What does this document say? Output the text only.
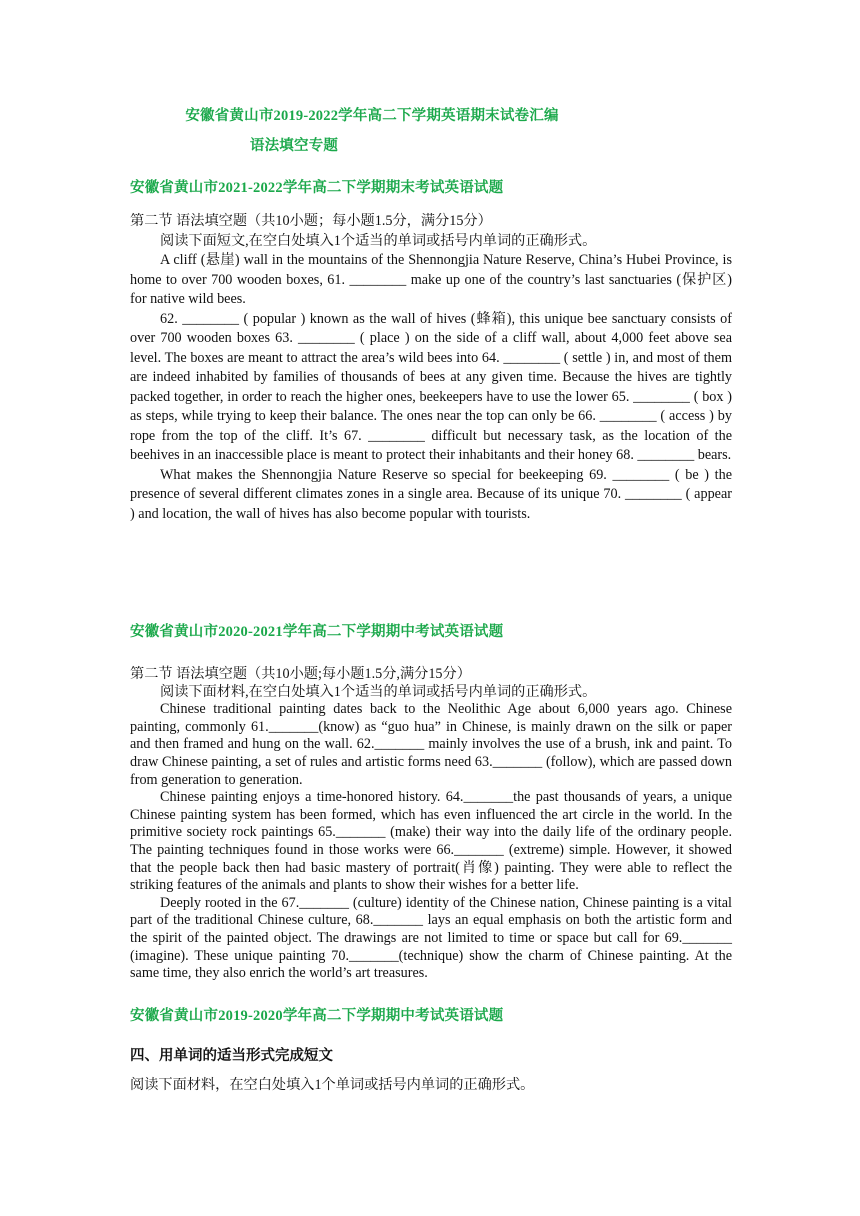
安徽省黄山市2019-2022学年高二下学期英语期末试卷汇编
语法填空专题
安徽省黄山市2021-2022学年高二下学期期末考试英语试题
第二节 语法填空题（共10小题；每小题1.5分，满分15分）
阅读下面短文,在空白处填入1个适当的单词或括号内单词的正确形式。

A cliff (悬崖) wall in the mountains of the Shennongjia Nature Reserve, China’s Hubei Province, is home to over 700 wooden boxes, 61. ________ make up one of the country’s last sanctuaries (保护区) for native wild bees.

62. ________ ( popular ) known as the wall of hives (蜂箱), this unique bee sanctuary consists of over 700 wooden boxes 63. ________ ( place ) on the side of a cliff wall, about 4,000 feet above sea level. The boxes are meant to attract the area’s wild bees into 64. ________ ( settle ) in, and most of them are indeed inhabited by families of thousands of bees at any given time. Because the hives are tightly packed together, in order to reach the higher ones, beekeepers have to use the lower 65. ________ ( box ) as steps, while trying to keep their balance. The ones near the top can only be 66. ________ ( access ) by rope from the top of the cliff. It’s 67. ________ difficult but necessary task, as the location of the beehives in an inaccessible place is meant to protect their inhabitants and their honey 68. ________ bears.

What makes the Shennongjia Nature Reserve so special for beekeeping 69. ________ ( be ) the presence of several different climates zones in a single area. Because of its unique 70. ________ ( appear ) and location, the wall of hives has also become popular with tourists.

安徽省黄山市2020-2021学年高二下学期期中考试英语试题
第二节 语法填空题（共10小题;每小题1.5分,满分15分）
阅读下面材料,在空白处填入1个适当的单词或括号内单词的正确形式。

Chinese traditional painting dates back to the Neolithic Age about 6,000 years ago. Chinese painting, commonly 61._______(know) as “guo hua” in Chinese, is mainly drawn on the silk or paper and then framed and hung on the wall. 62._______ mainly involves the use of a brush, ink and paint. To draw Chinese painting, a set of rules and artistic forms need 63._______ (follow), which are passed down from generation to generation.

Chinese painting enjoys a time-honored history. 64._______the past thousands of years, a unique Chinese painting system has been formed, which has even influenced the art circle in the world. In the primitive society rock paintings 65._______ (make) their way into the daily life of the ordinary people. The painting techniques found in those works were 66._______ (extreme) simple. However, it showed that the people back then had basic mastery of portrait(肖像) painting. They were able to reflect the striking features of the animals and plants to show their wishes for a better life.

Deeply rooted in the 67._______ (culture) identity of the Chinese nation, Chinese painting is a vital part of the traditional Chinese culture, 68._______ lays an equal emphasis on both the artistic form and the spirit of the painted object. The drawings are not limited to time or space but call for 69._______ (imagine). These unique painting 70._______(technique) show the charm of Chinese painting. At the same time, they also enrich the world’s art treasures.

安徽省黄山市2019-2020学年高二下学期期中考试英语试题
四、用单词的适当形式完成短文
阅读下面材料，在空白处填入1个单词或括号内单词的正确形式。
